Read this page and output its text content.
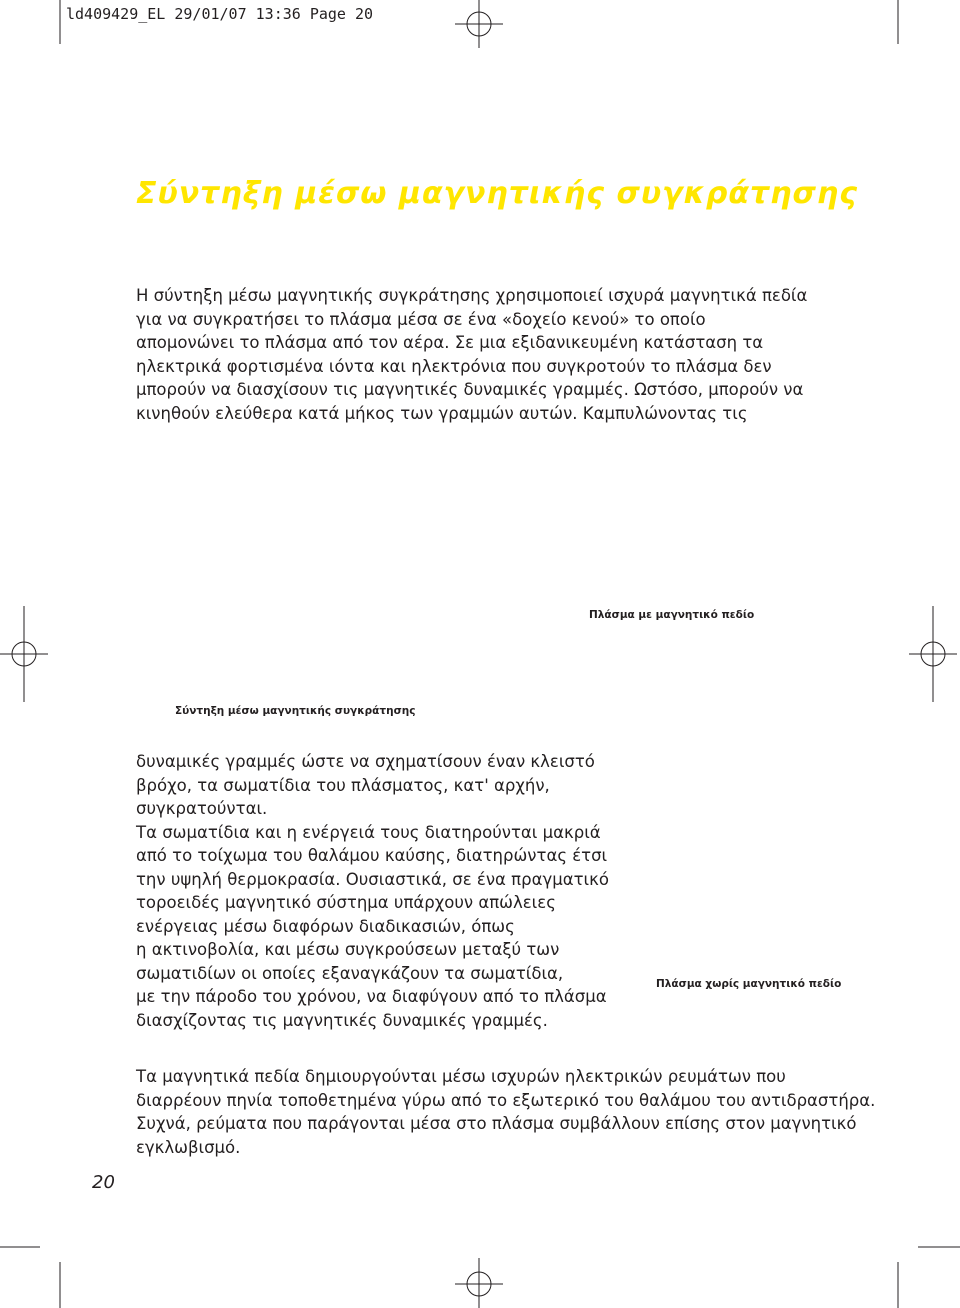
ld409429_EL 29/01/07 13:36 Page 20
Σύντηξη μέσω μαγνητικής συγκράτησης
Η σύντηξη μέσω μαγνητικής συγκράτησης χρησιμοποιεί ισχυρά μαγνητικά πεδία
για να συγκρατήσει το πλάσμα μέσα σε ένα «δοχείο κενού» το οποίο
απομονώνει το πλάσμα από τον αέρα. Σε μια εξιδανικευμένη κατάσταση τα
ηλεκτρικά φορτισμένα ιόντα και ηλεκτρόνια που συγκροτούν το πλάσμα δεν
μπορούν να διασχίσουν τις μαγνητικές δυναμικές γραμμές. Ωστόσο, μπορούν να
κινηθούν ελεύθερα κατά μήκος των γραμμών αυτών. Καμπυλώνοντας τις
Πλάσμα με μαγνητικό πεδίο
Σύντηξη μέσω μαγνητικής συγκράτησης
δυναμικές γραμμές ώστε να σχηματίσουν έναν κλειστό
βρόχο, τα σωματίδια του πλάσματος, κατ' αρχήν,
συγκρατούνται.
Τα σωματίδια και η ενέργειά τους διατηρούνται μακριά
από το τοίχωμα του θαλάμου καύσης, διατηρώντας έτσι
την υψηλή θερμοκρασία. Ουσιαστικά, σε ένα πραγματικό
τοροειδές μαγνητικό σύστημα υπάρχουν απώλειες
ενέργειας μέσω διαφόρων διαδικασιών, όπως
η ακτινοβολία, και μέσω συγκρούσεων μεταξύ των
σωματιδίων οι οποίες εξαναγκάζουν τα σωματίδια,
με την πάροδο του χρόνου, να διαφύγουν από το πλάσμα
διασχίζοντας τις μαγνητικές δυναμικές γραμμές.
Πλάσμα χωρίς μαγνητικό πεδίο
Τα μαγνητικά πεδία δημιουργούνται μέσω ισχυρών ηλεκτρικών ρευμάτων που
διαρρέουν πηνία τοποθετημένα γύρω από το εξωτερικό του θαλάμου του αντιδραστήρα.
Συχνά, ρεύματα που παράγονται μέσα στο πλάσμα συμβάλλουν επίσης στον μαγνητικό
εγκλωβισμό.
20
